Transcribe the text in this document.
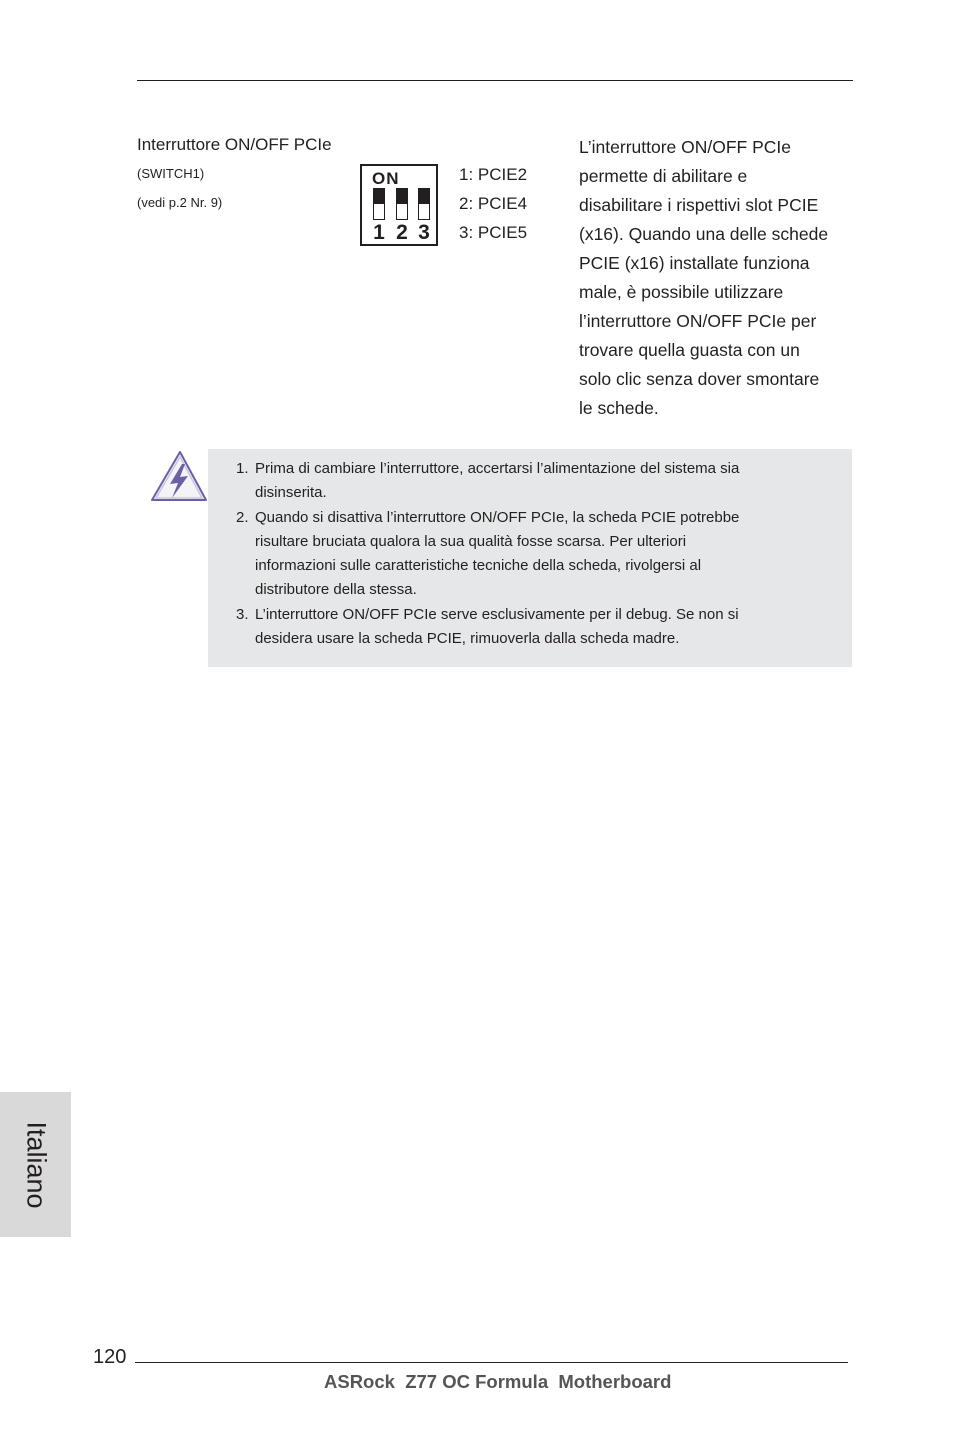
Interruttore ON/OFF PCIe
(SWITCH1)
(vedi p.2 Nr. 9)
ON
1 2 3
1: PCIE2
2: PCIE4
3: PCIE5
L’interruttore ON/OFF PCIe
permette di abilitare e
disabilitare i rispettivi slot PCIE
(x16). Quando una delle schede
PCIE (x16) installate funziona
male, è possibile utilizzare
l’interruttore ON/OFF PCIe per
trovare quella guasta con un
solo clic senza dover smontare
le schede.
1. Prima di cambiare l’interruttore, accertarsi l’alimentazione del sistema sia
disinserita.
2. Quando si disattiva l’interruttore ON/OFF PCIe, la scheda PCIE potrebbe
risultare bruciata qualora la sua qualità fosse scarsa. Per ulteriori
informazioni sulle caratteristiche tecniche della scheda, rivolgersi al
distributore della stessa.
3. L’interruttore ON/OFF PCIe serve esclusivamente per il debug. Se non si
desidera usare la scheda PCIE, rimuoverla dalla scheda madre.
Italiano
120
ASRock  Z77 OC Formula  Motherboard
